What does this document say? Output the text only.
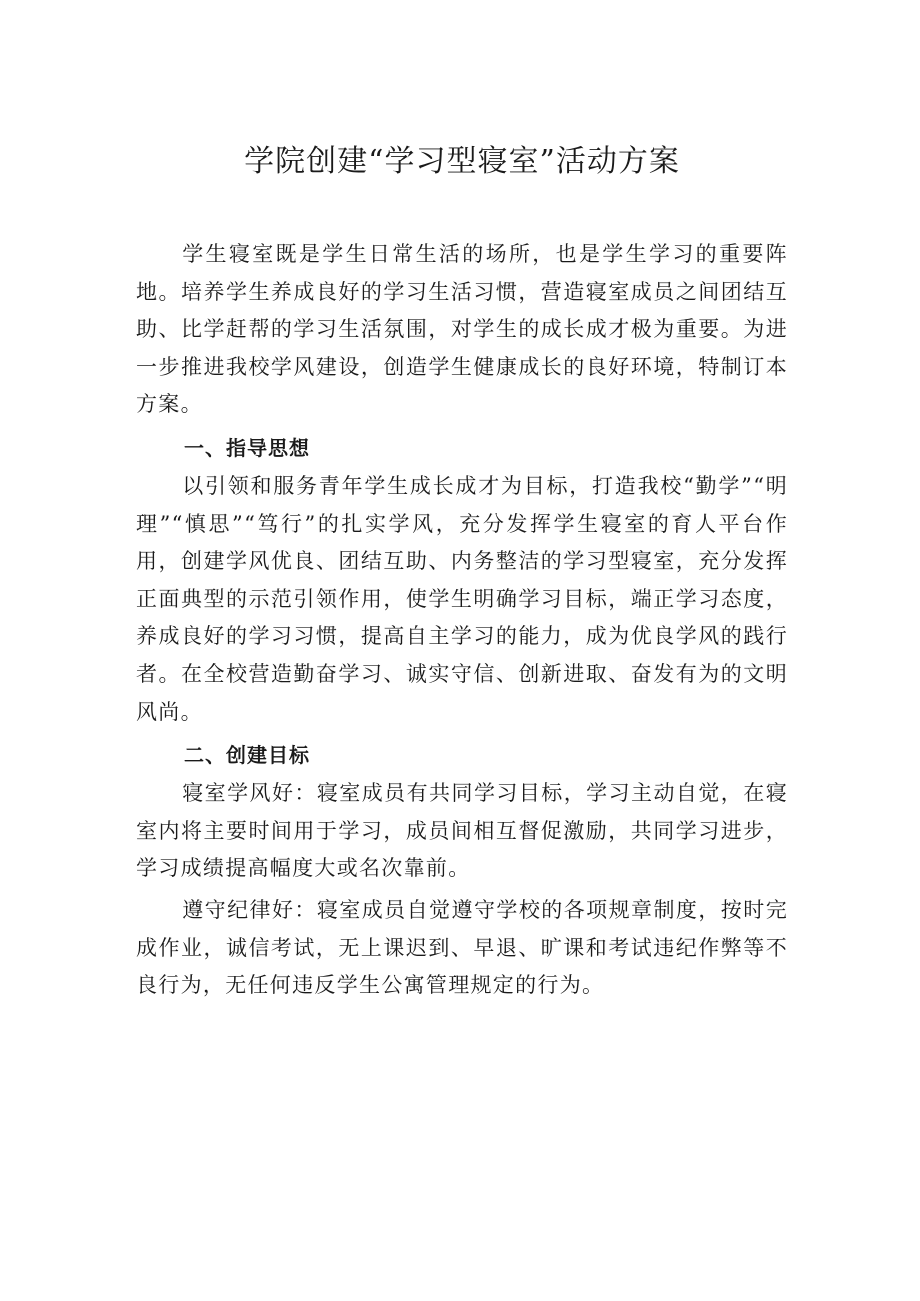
学院创建“学习型寝室”活动方案

学生寝室既是学生日常生活的场所，也是学生学习的重要阵地。培养学生养成良好的学习生活习惯，营造寝室成员之间团结互助、比学赶帮的学习生活氛围，对学生的成长成才极为重要。为进一步推进我校学风建设，创造学生健康成长的良好环境，特制订本方案。

一、指导思想

以引领和服务青年学生成长成才为目标，打造我校“勤学”“明理”“慎思”“笃行”的扎实学风，充分发挥学生寝室的育人平台作用，创建学风优良、团结互助、内务整洁的学习型寝室，充分发挥正面典型的示范引领作用，使学生明确学习目标，端正学习态度，养成良好的学习习惯，提高自主学习的能力，成为优良学风的践行者。在全校营造勤奋学习、诚实守信、创新进取、奋发有为的文明风尚。

二、创建目标

寝室学风好：寝室成员有共同学习目标，学习主动自觉，在寝室内将主要时间用于学习，成员间相互督促激励，共同学习进步，学习成绩提高幅度大或名次靠前。

遵守纪律好：寝室成员自觉遵守学校的各项规章制度，按时完成作业，诚信考试，无上课迟到、早退、旷课和考试违纪作弊等不良行为，无任何违反学生公寓管理规定的行为。
